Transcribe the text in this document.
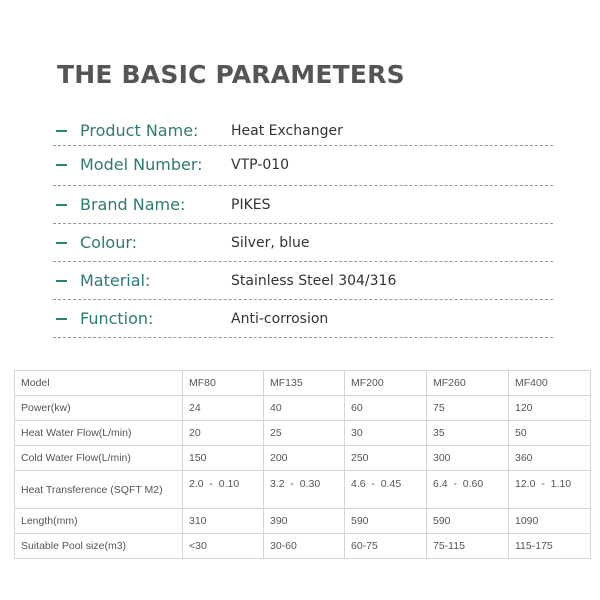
THE BASIC PARAMETERS
Product Name: Heat Exchanger
Model Number: VTP-010
Brand Name:	PIKES
Colour:	Silver, blue
Material:	Stainless Steel 304/316
Function:	Anti-corrosion
Model	MF80	MF135	MF200	MF260	MF400
Power(kw)	24	40	60	75	120
Heat Water Flow(L/min)	20	25	30	35	50
Cold Water Flow(L/min)	150	200	250	300	360
Heat Transference (SQFT M2)	2.0  -  0.10	3.2  -  0.30	4.6  -  0.45	6.4  -  0.60	12.0  -  1.10
Length(mm)	310	390	590	590	1090
Suitable Pool size(m3)	<30	30-60	60-75	75-115	115-175
